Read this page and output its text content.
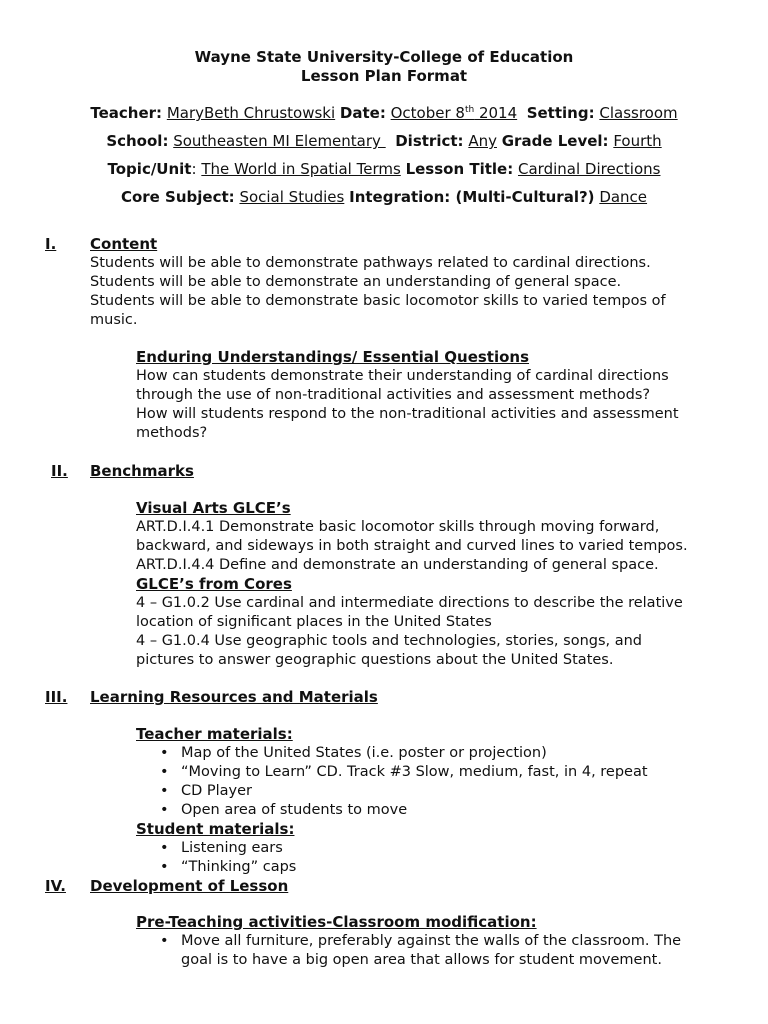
Wayne State University-College of Education
Lesson Plan Format
Teacher: MaryBeth Chrustowski Date: October 8th 2014 Setting: Classroom
School: Southeasten MI Elementary   District: Any Grade Level: Fourth
Topic/Unit: The World in Spatial Terms Lesson Title: Cardinal Directions
Core Subject: Social Studies Integration: (Multi-Cultural?) Dance
I. Content
Students will be able to demonstrate pathways related to cardinal directions.
Students will be able to demonstrate an understanding of general space.
Students will be able to demonstrate basic locomotor skills to varied tempos of
music.
Enduring Understandings/ Essential Questions
How can students demonstrate their understanding of cardinal directions
through the use of non-traditional activities and assessment methods?
How will students respond to the non-traditional activities and assessment
methods?
II. Benchmarks
Visual Arts GLCE’s
ART.D.I.4.1 Demonstrate basic locomotor skills through moving forward,
backward, and sideways in both straight and curved lines to varied tempos.
ART.D.I.4.4 Define and demonstrate an understanding of general space.
GLCE’s from Cores
4 – G1.0.2 Use cardinal and intermediate directions to describe the relative
location of significant places in the United States
4 – G1.0.4 Use geographic tools and technologies, stories, songs, and
pictures to answer geographic questions about the United States.
III. Learning Resources and Materials
Teacher materials:
• Map of the United States (i.e. poster or projection)
• “Moving to Learn” CD. Track #3 Slow, medium, fast, in 4, repeat
• CD Player
• Open area of students to move
Student materials:
• Listening ears
• “Thinking” caps
IV. Development of Lesson
Pre-Teaching activities-Classroom modification:
• Move all furniture, preferably against the walls of the classroom. The
goal is to have a big open area that allows for student movement.
